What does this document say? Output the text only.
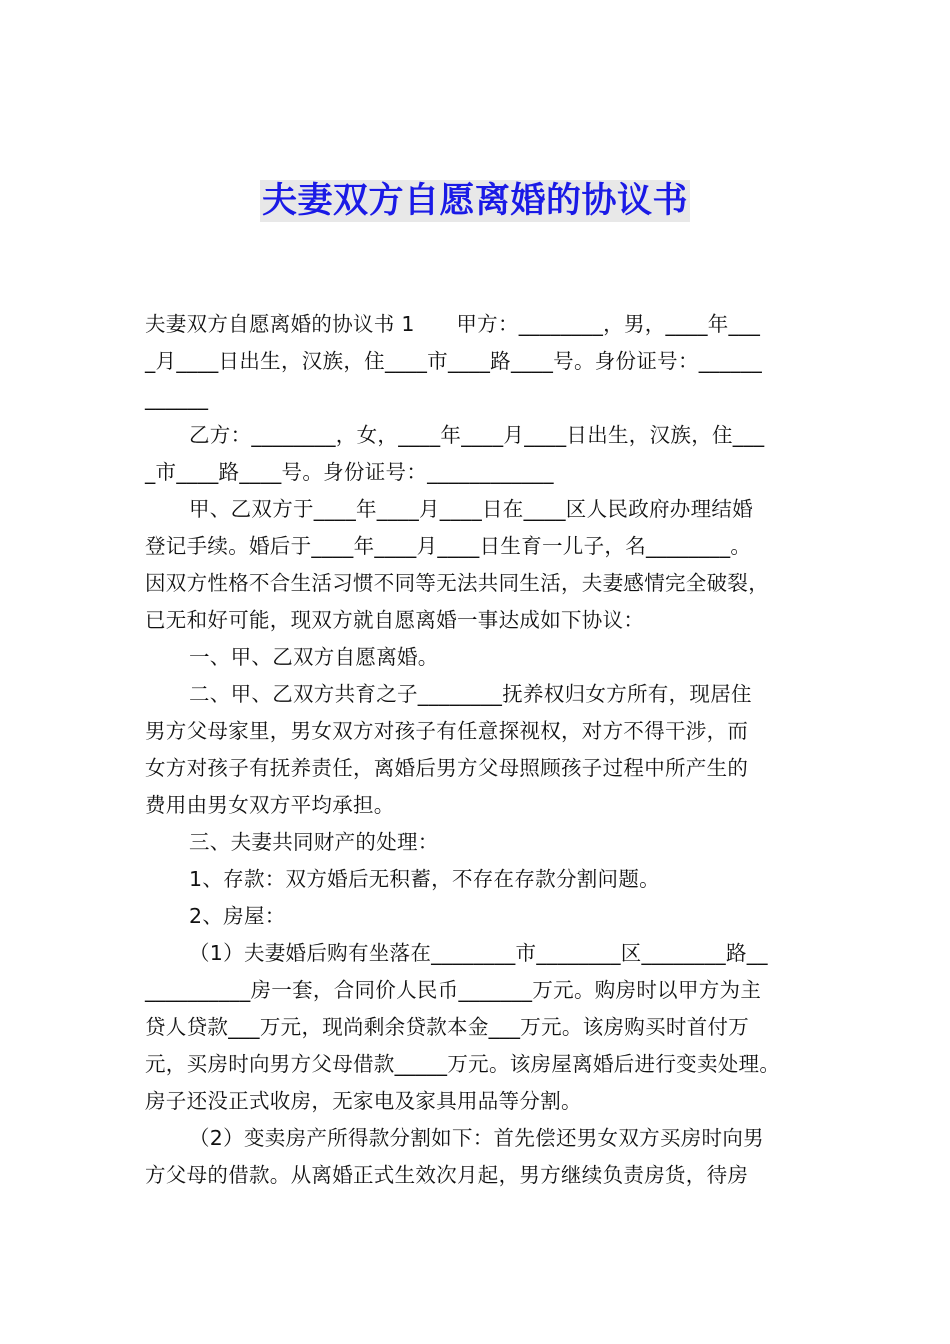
夫妻双方自愿离婚的协议书
夫妻双方自愿离婚的协议书 1　　甲方：________，男，____年___
_月____日出生，汉族，住____市____路____号。身份证号：______
______
乙方：________，女，____年____月____日出生，汉族，住___
_市____路____号。身份证号：____________
甲、乙双方于____年____月____日在____区人民政府办理结婚
登记手续。婚后于____年____月____日生育一儿子，名________。
因双方性格不合生活习惯不同等无法共同生活，夫妻感情完全破裂，
已无和好可能，现双方就自愿离婚一事达成如下协议：
一、甲、乙双方自愿离婚。
二、甲、乙双方共育之子________抚养权归女方所有，现居住
男方父母家里，男女双方对孩子有任意探视权，对方不得干涉，而
女方对孩子有抚养责任，离婚后男方父母照顾孩子过程中所产生的
费用由男女双方平均承担。
三、夫妻共同财产的处理：
1、存款：双方婚后无积蓄，不存在存款分割问题。
2、房屋：
（1）夫妻婚后购有坐落在________市________区________路__
__________房一套，合同价人民币_______万元。购房时以甲方为主
贷人贷款___万元，现尚剩余贷款本金___万元。该房购买时首付万
元，买房时向男方父母借款_____万元。该房屋离婚后进行变卖处理。
房子还没正式收房，无家电及家具用品等分割。
（2）变卖房产所得款分割如下：首先偿还男女双方买房时向男
方父母的借款。从离婚正式生效次月起，男方继续负责房货，待房
